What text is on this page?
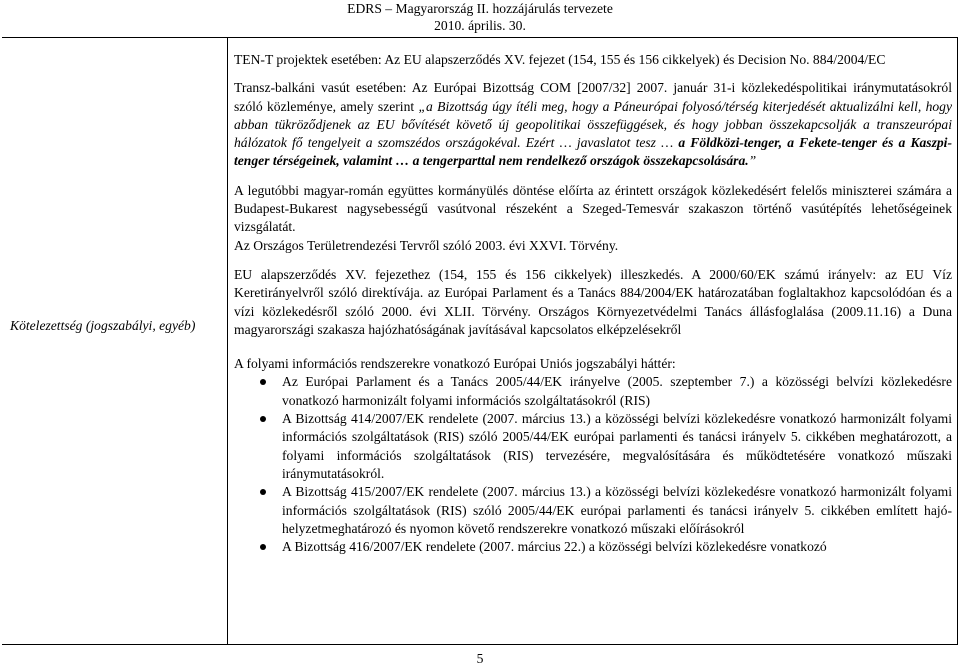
EDRS – Magyarország II. hozzájárulás tervezete
2010. április. 30.
Kötelezettség (jogszabályi, egyéb)

TEN-T projektek esetében: Az EU alapszerződés XV. fejezet (154, 155 és 156 cikkelyek) és Decision No. 884/2004/EC

Transz-balkáni vasút esetében: Az Európai Bizottság COM [2007/32] 2007. január 31-i közlekedéspolitikai iránymutatásokról szóló közleménye, amely szerint „a Bizottság úgy ítéli meg, hogy a Páneurópai folyosó/térség kiterjedését aktualizálni kell, hogy abban tükröződjenek az EU bővítését követő új geopolitikai összefüggések, és hogy jobban összekapcsolják a transzeurópai hálózatok fő tengelyeit a szomszédos országokéval. Ezért … javaslatot tesz … a Földközi-tenger, a Fekete-tenger és a Kaszpi-tenger térségeinek, valamint … a tengerparttal nem rendelkező országok összekapcsolására.”

A legutóbbi magyar-román együttes kormányülés döntése előírta az érintett országok közlekedésért felelős miniszterei számára a Budapest-Bukarest nagysebességű vasútvonal részeként a Szeged-Temesvár szakaszon történő vasútépítés lehetőségeinek vizsgálatát.

Az Országos Területrendezési Tervről szóló 2003. évi XXVI. Törvény.

EU alapszerződés XV. fejezethez (154, 155 és 156 cikkelyek) illeszkedés. A 2000/60/EK számú irányelv: az EU Víz Keretirányelvről szóló direktívája. az Európai Parlament és a Tanács 884/2004/EK határozatában foglaltakhoz kapcsolódóan és a vízi közlekedésről szóló 2000. évi XLII. Törvény. Országos Környezetvédelmi Tanács állásfoglalása (2009.11.16) a Duna magyarországi szakasza hajózhatóságának javításával kapcsolatos elképzelésekről

A folyami információs rendszerekre vonatkozó Európai Uniós jogszabályi háttér:

Az Európai Parlament és a Tanács 2005/44/EK irányelve (2005. szeptember 7.) a közösségi belvízi közlekedésre vonatkozó harmonizált folyami információs szolgáltatásokról (RIS)
A Bizottság 414/2007/EK rendelete (2007. március 13.) a közösségi belvízi közlekedésre vonatkozó harmonizált folyami információs szolgáltatások (RIS) szóló 2005/44/EK európai parlamenti és tanácsi irányelv 5. cikkében meghatározott, a folyami információs szolgáltatások (RIS) tervezésére, megvalósítására és működtetésére vonatkozó műszaki iránymutatásokról.
A Bizottság 415/2007/EK rendelete (2007. március 13.) a közösségi belvízi közlekedésre vonatkozó harmonizált folyami információs szolgáltatások (RIS) szóló 2005/44/EK európai parlamenti és tanácsi irányelv 5. cikkében említett hajó-helyzetmeghatározó és nyomon követő rendszerekre vonatkozó műszaki előírásokról
A Bizottság 416/2007/EK rendelete (2007. március 22.) a közösségi belvízi közlekedésre vonatkozó
5
